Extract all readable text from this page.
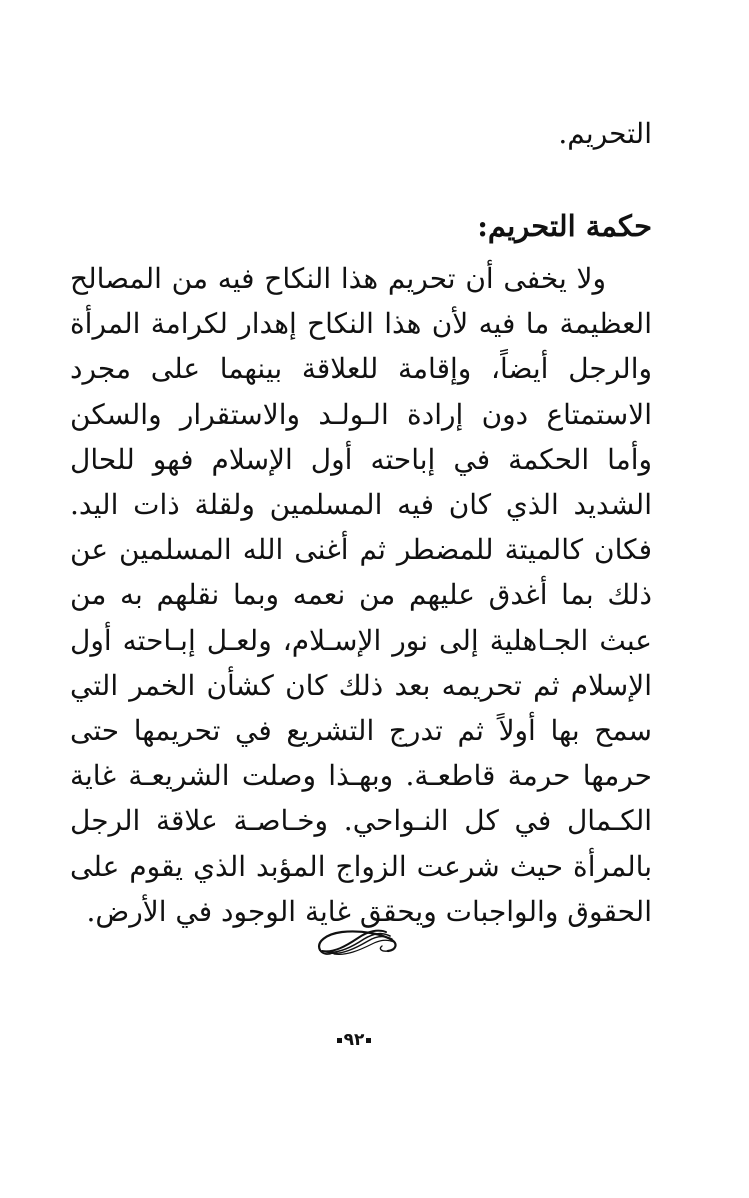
التحريم.
حكمة التحريم:

ولا يخفى أن تحريم هذا النكاح فيه من المصالح العظيمة ما فيه لأن هذا النكاح إهدار لكرامة المرأة والرجل أيضاً، وإقامة للعلاقة بينهما على مجرد الاستمتاع دون إرادة الـولـد والاستقرار والسكن وأما الحكمة في إباحته أول الإسلام فهو للحال الشديد الذي كان فيه المسلمين ولقلة ذات اليد. فكان كالميتة للمضطر ثم أغنى الله المسلمين عن ذلك بما أغدق عليهم من نعمه وبما نقلهم به من عبث الجـاهلية إلى نور الإسـلام، ولعـل إبـاحته أول الإسلام ثم تحريمه بعد ذلك كان كشأن الخمر التي سمح بها أولاً ثم تدرج التشريع في تحريمها حتى حرمها حرمة قاطعـة. وبهـذا وصلت الشريعـة غاية الكـمال في كل النـواحي. وخـاصـة علاقة الرجل بالمرأة حيث شرعت الزواج المؤبد الذي يقوم على الحقوق والواجبات ويحقق غاية الوجود في الأرض.

٩٢
